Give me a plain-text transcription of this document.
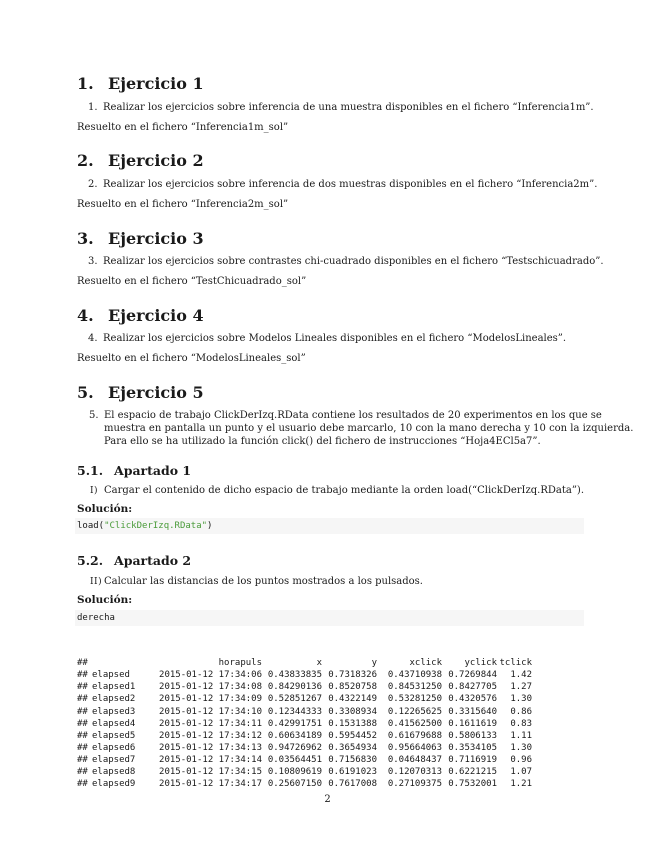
1. Ejercicio 1
1. Realizar los ejercicios sobre inferencia de una muestra disponibles en el fichero “Inferencia1m”.
Resuelto en el fichero “Inferencia1m_sol”
2. Ejercicio 2
2. Realizar los ejercicios sobre inferencia de dos muestras disponibles en el fichero “Inferencia2m”.
Resuelto en el fichero “Inferencia2m_sol”
3. Ejercicio 3
3. Realizar los ejercicios sobre contrastes chi-cuadrado disponibles en el fichero “Testschicuadrado”.
Resuelto en el fichero “TestChicuadrado_sol”
4. Ejercicio 4
4. Realizar los ejercicios sobre Modelos Lineales disponibles en el fichero “ModelosLineales”.
Resuelto en el fichero “ModelosLineales_sol”
5. Ejercicio 5
5. El espacio de trabajo ClickDerIzq.RData contiene los resultados de 20 experimentos en los que se
muestra en pantalla un punto y el usuario debe marcarlo, 10 con la mano derecha y 10 con la izquierda.
Para ello se ha utilizado la función click() del fichero de instrucciones “Hoja4ECl5a7”.
5.1. Apartado 1
I) Cargar el contenido de dicho espacio de trabajo mediante la orden load(“ClickDerIzq.RData”).
Solución:
load("ClickDerIzq.RData")
5.2. Apartado 2
II) Calcular las distancias de los puntos mostrados a los pulsados.
Solución:
derecha

##		horapuls	x	y	xclick	yclick	tclick
##	elapsed	2015-01-12 17:34:06	0.43833835	0.7318326	0.43710938	0.7269844	1.42
##	elapsed1	2015-01-12 17:34:08	0.84290136	0.8520758	0.84531250	0.8427705	1.27
##	elapsed2	2015-01-12 17:34:09	0.52851267	0.4322149	0.53281250	0.4320576	1.30
##	elapsed3	2015-01-12 17:34:10	0.12344333	0.3308934	0.12265625	0.3315640	0.86
##	elapsed4	2015-01-12 17:34:11	0.42991751	0.1531388	0.41562500	0.1611619	0.83
##	elapsed5	2015-01-12 17:34:12	0.60634189	0.5954452	0.61679688	0.5806133	1.11
##	elapsed6	2015-01-12 17:34:13	0.94726962	0.3654934	0.95664063	0.3534105	1.30
##	elapsed7	2015-01-12 17:34:14	0.03564451	0.7156830	0.04648437	0.7116919	0.96
##	elapsed8	2015-01-12 17:34:15	0.10809619	0.6191023	0.12070313	0.6221215	1.07
##	elapsed9	2015-01-12 17:34:17	0.25607150	0.7617008	0.27109375	0.7532001	1.21

2
